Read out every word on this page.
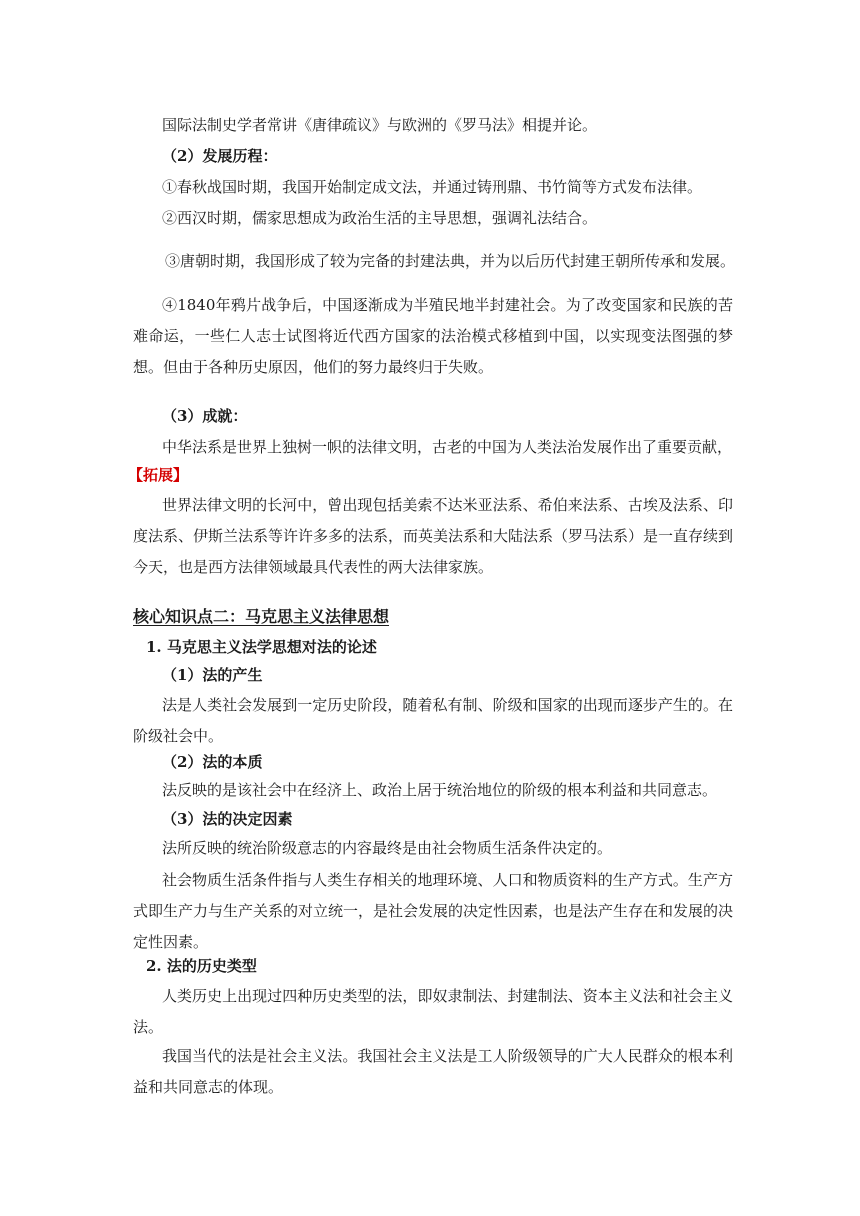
国际法制史学者常讲《唐律疏议》与欧洲的《罗马法》相提并论。
（2）发展历程：
①春秋战国时期，我国开始制定成文法，并通过铸刑鼎、书竹简等方式发布法律。
②西汉时期，儒家思想成为政治生活的主导思想，强调礼法结合。
③唐朝时期，我国形成了较为完备的封建法典，并为以后历代封建王朝所传承和发展。
④1840年鸦片战争后，中国逐渐成为半殖民地半封建社会。为了改变国家和民族的苦难命运，一些仁人志士试图将近代西方国家的法治模式移植到中国，以实现变法图强的梦想。但由于各种历史原因，他们的努力最终归于失败。
（3）成就：
中华法系是世界上独树一帜的法律文明，古老的中国为人类法治发展作出了重要贡献，
【拓展】
世界法律文明的长河中，曾出现包括美索不达米亚法系、希伯来法系、古埃及法系、印度法系、伊斯兰法系等许许多多的法系，而英美法系和大陆法系（罗马法系）是一直存续到今天，也是西方法律领域最具代表性的两大法律家族。
核心知识点二：马克思主义法律思想
1. 马克思主义法学思想对法的论述
（1）法的产生
法是人类社会发展到一定历史阶段，随着私有制、阶级和国家的出现而逐步产生的。在阶级社会中。
（2）法的本质
法反映的是该社会中在经济上、政治上居于统治地位的阶级的根本利益和共同意志。
（3）法的决定因素
法所反映的统治阶级意志的内容最终是由社会物质生活条件决定的。
社会物质生活条件指与人类生存相关的地理环境、人口和物质资料的生产方式。生产方式即生产力与生产关系的对立统一，是社会发展的决定性因素，也是法产生存在和发展的决定性因素。
2. 法的历史类型
人类历史上出现过四种历史类型的法，即奴隶制法、封建制法、资本主义法和社会主义法。
我国当代的法是社会主义法。我国社会主义法是工人阶级领导的广大人民群众的根本利益和共同意志的体现。
